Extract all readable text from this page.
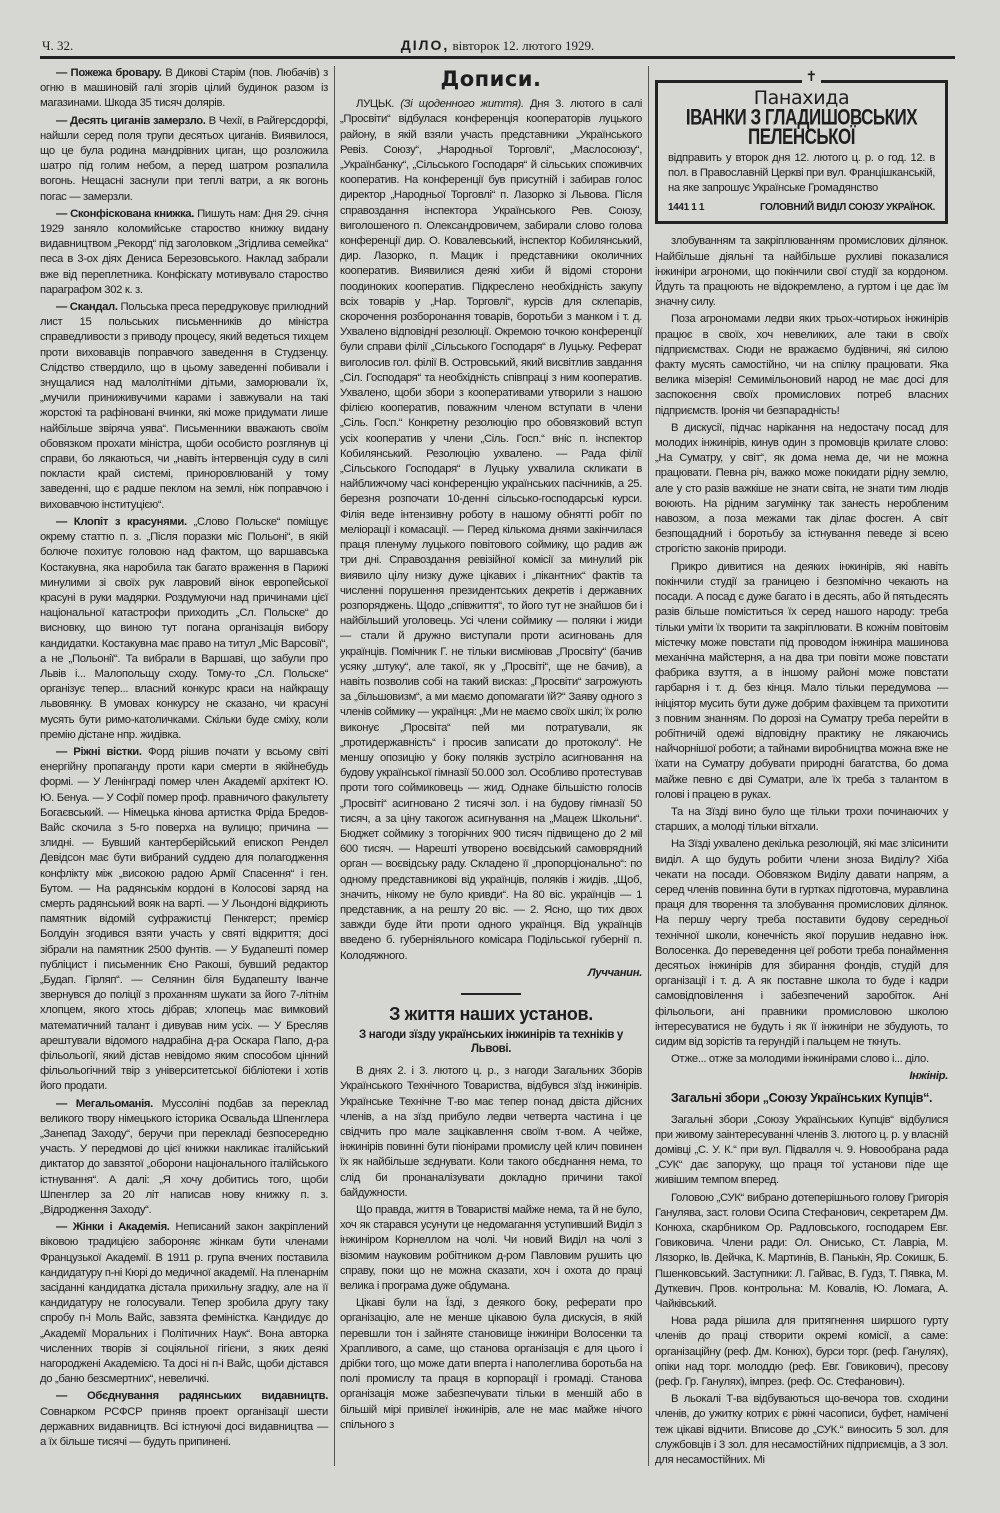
Ч. 32.	ДІЛО, вівторок 12. лютого 1929.

— Пожежа бровару. В Дикові Старім (пов. Любачів) з огню в машиновій галі згорів цілий будинок разом із магазинами. Шкода 35 тисяч долярів.

— Десять циганів замерзло. В Чехії, в Райгерсдорфі, найшли серед поля трупи десятьох циганів. Виявилося, що це була родина мандрівних циган, що розложила шатро під голим небом, а перед шатром розпалила вогонь. Нещасні заснули при теплі ватри, а як вогонь погас — замерзли.

— Сконфіскована книжка. Пишуть нам: Дня 29. січня 1929 заняло коломийське староство книжку видану видавництвом „Рекорд“ під заголовком „Згідлива семейка“ песа в 3-ох діях Дениса Березовського. Наклад забрали вже від переплетника. Конфіскату мотивувало староство параграфом 302 к. з.

— Скандал. Польська преса передруковує прилюдний лист 15 польських письменників до міністра справедливости з приводу процесу, який ведеться тихцем проти виховавців поправчого заведення в Студзенцу. Слідство ствердило, що в цьому заведенні побивали і знущалися над малолітніми дітьми, заморювали їх, „мучили приниживучими карами і завжували на такі жорстокі та рафіновані вчинки, які може придумати лише найбільше звіряча уява“. Письменники вважають своїм обовязком прохати міністра, щоби особисто розглянув ці справи, бо лякаються, чи „навіть інтервенція суду в силі покласти край системі, приноровлюваній у тому заведенні, що є радше пеклом на землі, ніж поправчою і виховавчою інституцією“.

— Клопіт з красунями. „Слово Польске“ поміщує окрему статтю п. з. „Після поразки міс Польоні“, в якій болюче похитує головою над фактом, що варшавська Костакувна, яка наробила так багато враження в Парижі минулими зі своїх рук лавровий вінок европейської красуні в руки мадярки. Роздумуючи над причинами цієї національної катастрофи приходить „Сл. Польске“ до висновку, що виною тут погана організація вибору кандидатки. Костакувна має право на титул „Міс Варсовії“, а не „Польонії“. Та вибрали в Варшаві, що забули про Львів і... Малопольщу сходу. Тому-то „Сл. Польске“ організує тепер... власний конкурс краси на найкращу львовянку. В умовах конкурсу не сказано, чи красуні мусять бути римо-католичками. Скільки буде сміху, коли премію дістане нпр. жидівка.

— Ріжні вістки. Форд рішив почати у всьому світі енергійну пропаганду проти кари смерти в якійнебудь формі. — У Ленінграді помер член Академії архітект Ю. Ю. Бенуа. — У Софії помер проф. правничого факультету Богаєвський. — Німецька кінова артистка Фріда Бредов-Вайс скочила з 5-го поверха на вулицю; причина — злидні. — Бувший кантерберійський епископ Рендел Девідсон має бути вибраний суддею для полагодження конфлікту між „високою радою Армії Спасення“ і ген. Бутом. — На радянськім кордоні в Колосові заряд на смерть радянський вояк на варті. — У Льондоні відкриють памятник відомій суфражистці Пенкгерст; премієр Болдуін згодився взяти участь у святі відкриття; досі зібрали на памятник 2500 фунтів. — У Будапешті помер публіцист і письменник Єно Ракоші, бувший редактор „Будап. Гірляп“. — Селянин біля Будапешту Іванче звернувся до поліції з проханням шукати за його 7-літнім хлопцем, якого хтось дібрав; хлопець має вимковий математичний талант і дивував ним усіх. — У Бресляв арештували відомого надрабіна д-ра Оскара Папо, д-ра фільольогії, який дістав невідомо яким способом цінний фільольогічний твір з університетської бібліотеки і хотів його продати.

— Мегальоманія. Муссоліні подбав за переклад великого твору німецького історика Освальда Шпенглера „Занепад Заходу“, беручи при перекладі безпосередню участь. У передмові до цієї книжки накликає італійський диктатор до завзятої „оборони національного італійського істнування“. А далі: „Я хочу добитись того, щоби Шпенглер за 20 літ написав нову книжку п. з. „Відродження Заходу“.

— Жінки і Академія. Неписаний закон закріплений віковою традицією забороняє жінкам бути членами Французької Академії. В 1911 р. група вчених поставила кандидатуру п-ні Кюрі до медичної академії. На пленарнім засіданні кандидатка дістала прихильну згадку, але на її кандидатуру не голосували. Тепер зробила другу таку спробу п-і Моль Вайс, завзята феміністка. Кандидує до „Академії Моральних і Політичних Наук“. Вона авторка численних творів зі соціяльної гігієни, з яких деякі нагороджені Академією. Та досі ні п-і Вайс, щоби дістався до „баню безсмертних“, невеличкі.

— Обєднування радянських видавництв. Совнарком РСФСР приняв проект організації шести державних видавництв. Всі істнуючі досі видавництва — а їх більше тисячі — будуть припинені.

Дописи.

ЛУЦЬК. (Зі щоденного життя). Дня 3. лютого в салі „Просвіти“ відбулася конференція кооператорів луцького району, в якій взяли участь представники „Українського Ревіз. Союзу“, „Народньої Торговлі“, „Маслосоюзу“, „Українбанку“, „Сільського Господаря“ й сільських споживчих кооператив. На конференції був присутній і забирав голос директор „Народньої Торговлі“ п. Лазорко зі Львова. Після справоздання інспектора Українського Рев. Союзу, виголошеного п. Олександровичем, забирали слово голова конференції дир. О. Ковалевський, інспектор Кобилянський, дир. Лазорко, п. Мацик і представники околичних кооператив. Виявилися деякі хиби й відомі сторони поодиноких кооператив. Підкреслено необхідність закупу всіх товарів у „Нар. Торговлі“, курсів для склепарів, скорочення розборонання товарів, боротьби з манком і т. д. Ухвалено відповідні резолюції. Окремою точкою конференції були справи філії „Сільського Господаря“ в Луцьку. Реферат виголосив гол. філії В. Островський, який висвітлив завдання „Сіл. Господаря“ та необхідність співпраці з ним кооператив. Ухвалено, щоби збори з кооперативами утворили з нашою філією кооператив, поважним членом вступати в члени „Сіль. Госп.“ Конкретну резолюцію про обовязковий вступ усіх кооператив у члени „Сіль. Госп.“ вніс п. інспектор Кобилянський. Резолюцію ухвалено. — Рада філії „Сільського Господаря“ в Луцьку ухвалила скликати в найближчому часі конференцію українських пасічників, а 25. березня розпочати 10-денні сільсько-господарські курси. Філія веде інтензивну роботу в нашому обнятті робіт по меліорації і комасації. — Перед кількома днями закінчилася праця пленуму луцького повітового соймику, що радив аж три дні. Справоздання ревізійної комісії за минулий рік виявило цілу низку дуже цікавих і „пікантних“ фактів та численні порушення президентських декретів і державних розпоряджень. Щодо „співжиття“, то його тут не знайшов би і найбільший уголовець. Усі члени соймику — поляки і жиди — стали й дружно виступали проти асигновань для українців. Помічник Г. не тільки висміював „Просвіту“ (бачив усяку „штуку“, але такої, як у „Просвіті“, ще не бачив), а навіть позволив собі на такий висказ: „Просвіти“ загрожують за „більшовизм“, а ми маємо допомагати їй?“ Заяву одного з членів соймику — українця: „Ми не маємо своїх шкіл; їх ролю виконує „Просвіта“ пей ми потратували, як „протидержавність“ і просив записати до протоколу“. Не меншу опозицію у боку поляків зустріло асигновання на будову української гімназії 50.000 зол. Особливо протестував проти того соймиковець — жид. Однаке більшістю голосів „Просвіті“ асигновано 2 тисячі зол. і на будову гімназії 50 тисяч, а за ціну такогож асигнування на „Мацеж Школьни“. Бюджет соймику з тогорічних 900 тисяч підвищено до 2 мil 600 тисяч. — Нарешті утворено воєвідський самоврядний орган — воєвідську раду. Складено її „пропорціонально“: по одному представникові від українців, поляків і жидів. „Щоб, значить, нікому не було кривди“. На 80 віс. українців — 1 представник, а на решту 20 віс. — 2. Ясно, що тих двох завжди буде йти проти одного українця. Від українців введено б. губерніяльного комісара Подільської губернії п. Колодяжного.

Луччанин.
З життя наших установ.
З нагоди зїзду українських інжинірів та техніків у Львові.

В днях 2. і 3. лютого ц. р., з нагоди Загальних Зборів Українського Технічного Товариства, відбувся зїзд інжинірів. Українське Технічне Т-во має тепер понад двіста дійсних членів, а на зїзд прибуло ледви четверта частина і це свідчить про мале зацікавлення своїм т-вом. А чейже, інжинірів повинні бути піонірами промислу цей клич повинен їх як найбільше зєднувати. Коли такого обєднання нема, то слід би пронаналізувати докладно причини такої байдужности.

Що правда, життя в Товаристві майже нема, та й не було, хоч як старався усунути це недомагання уступивший Виділ з інжиніром Корнеллом на чолі. Чи новий Виділ на чолі з візомим науковим робітником д-ром Павловим рушить цю справу, поки що не можна сказати, хоч і охота до праці велика і програма дуже обдумана.

Цікаві були на Їзді, з деякого боку, реферати про організацію, але не менше цікавою була дискусія, в якій перевшли тон і зайняте становище інжиніри Волосенки та Храпливого, а саме, що станова організація є для цього і дрібки того, що може дати вперта і наполеглива боротьба на полі промислу та праця в корпорації і громаді. Станова організація може забезпечувати тільки в меншій або в більшій мірі привілеї інжинірів, але не має майже нічого спільного з

✝
Панахида
ІВАНКИ З ГЛАДИШОВСЬКИХ ПЕЛЕНСЬКОЇ
відправить у второк дня 12. лютого ц. р. о год. 12. в пол. в Православній Церкві при вул. Францішканській, на яке запрошує Українське Громадянство
1441 1 1	ГОЛОВНИЙ ВИДІЛ СОЮЗУ УКРАЇНОК.

злобуванням та закріплюванням промислових ділянок. Найбільше діяльні та найбільше рухливі показалися інжиніри агрономи, що покінчили свої студії за кордоном. Йдуть та працюють не відокремлено, а гуртом і це дає їм значну силу.

Поза агрономами ледви яких трьох-чотирьох інжинірів працює в своїх, хоч невеликих, але таки в своїх підприємствах. Сюди не вражаємо будівничі, які силою факту мусять самостійно, чи на спілку працювати. Яка велика мізерія! Семимільоновий народ не має досі для заспокоєння своїх промислових потреб власних підприємств. Іронія чи безпарадність!

В дискусії, підчас нарікання на недостачу посад для молодих інжинірів, кинув один з промовців крилате слово: „На Суматру, у світ“, як дома нема де, чи не можна працювати. Певна річ, важко може покидати рідну землю, але у сто разів важкіше не знати світа, не знати тим людів воюють. На рідним загумінку так занесть неробленим навозом, а поза межами так ділає фосген. А світ безпощадний і боротьбу за істнування певеде зі всею строгістю законів природи.

Прикро дивитися на деяких інжинірів, які навіть покінчили студії за границею і безпомічно чекають на посади. А посад є дуже багато і в десять, або й пятьдесять разів більше поміститься їх серед нашого народу: треба тільки уміти їх творити та закріплювати. В кожнім повітовім містечку може повстати під проводом інжиніра машинова механічна майстерня, а на два три повіти може повстати фабрика взуття, а в іншому районі може повстати гарбарня і т. д. без кінця. Мало тільки передумова — ініціятор мусить бути дуже добрим фахівцем та прихотити з повним знанням. По дорозі на Суматру треба перейти в робітничій одежі відповідну практику не лякаючись найчорнішої роботи; а тайнами виробництва можна вже не їхати на Суматру добувати природні багатства, бо дома майже певно є дві Суматри, але їх треба з талантом в голові і працею в руках.

Та на Зїзді вино було ще тільки трохи починаючих у старших, а молоді тільки вітхали.

На Зїзді ухвалено декілька резолюцій, які має злісинити виділ. А що будуть робити члени зноза Виділу? Хіба чекати на посади. Обовязком Виділу давати напрям, а серед членів повинна бути в гуртках підготовча, муравлина праця для творення та злобування промислових ділянок. На першу чергу треба поставити будову середньої технічної школи, конечність якої порушив недавно інж. Волосенка. До переведення цеї роботи треба понаймення десятьох інжинірів для збирання фондів, студій для організації і т. д. А як поставне школа то буде і кадри самовідповілення і забезпечений заробіток. Ані фільольоги, ані правники промисловою школою інтересуватися не будуть і як її інжиніри не збудують, то сидим від зорістів та герундій і пальцем не ткнуть.

Отже... отже за молодими інжинірами слово і... діло.

Інжінір.
Загальні збори „Союзу Українських Купців“.

Загальні збори „Союзу Українських Купців“ відбулися при живому заінтересуванні членів 3. лютого ц. р. у власній домівці „С. У. К.“ при вул. Підвалля ч. 9. Новообрана рада „СУК“ дає запоруку, що праця тої установи піде ще живішим темпом вперед.

Головою „СУК“ вибрано дотеперішнього голову Григорія Ганулява, заст. голови Осипа Стефанович, секретарем Дм. Конюха, скарбником Ор. Радловського, господарем Евг. Говиковича. Члени ради: Ол. Онисько, Ст. Лавріа, М. Лязорко, Ів. Дейчка, К. Мартинів, В. Панькін, Яр. Сокишк, Б. Пшенковський. Заступники: Л. Гайвас, В. Гудз, Т. Пявка, М. Дуткевич. Пров. контрольна: М. Ковалів, Ю. Ломага, А. Чайківський.

Нова рада рішила для притягнення ширшого гурту членів до праці створити окремі комісії, а саме: організаційну (реф. Дм. Конюх), бурси торг. (реф. Ганулях), опіки над торг. молоддю (реф. Евг. Говикович), пресову (реф. Гр. Ганулях), імпрез. (реф. Ос. Стефанович).

В льокалі Т-ва відбуваються що-вечора тов. сходини членів, до ужитку котрих є ріжні часописи, буфет, намічені теж цікаві відчити. Вписове до „СУК.“ виносить 5 зол. для службовців і 3 зол. для несамостійних підприємців, а 3 зол. для несамостійних. Мі
